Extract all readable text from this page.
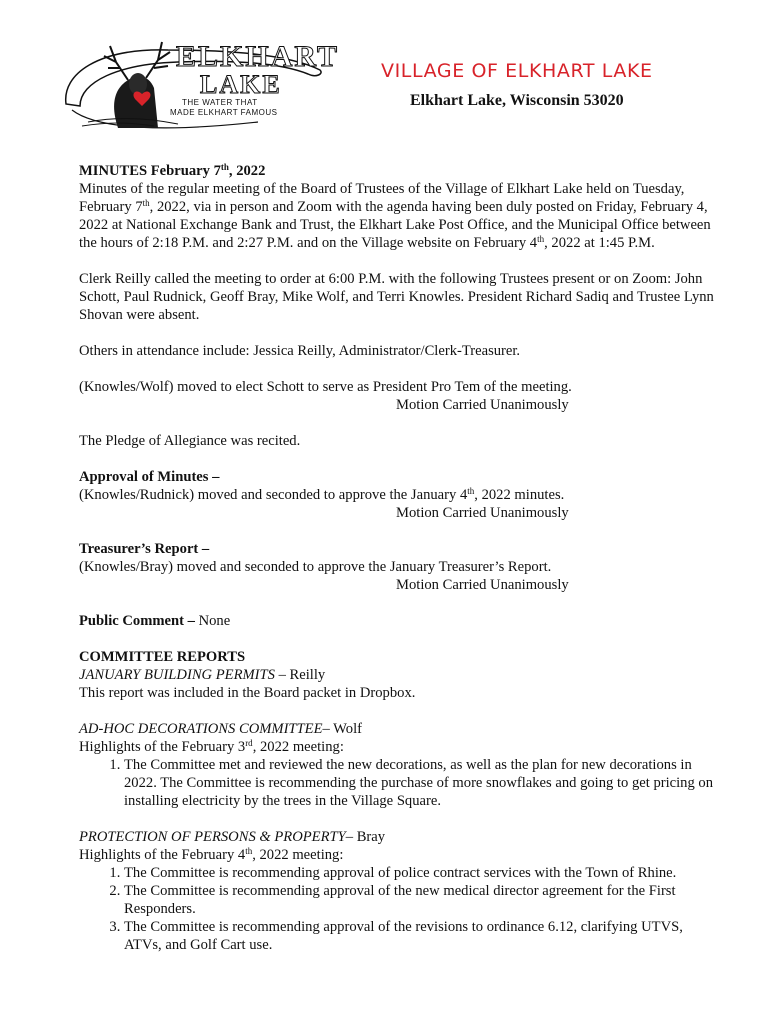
ELKHART
LAKE
THE WATER THAT
MADE ELKHART FAMOUS
VILLAGE OF ELKHART LAKE
Elkhart Lake, Wisconsin 53020

MINUTES February 7th, 2022

Minutes of the regular meeting of the Board of Trustees of the Village of Elkhart Lake held on Tuesday, February 7th, 2022, via in person and Zoom with the agenda having been duly posted on Friday, February 4, 2022 at National Exchange Bank and Trust, the Elkhart Lake Post Office, and the Municipal Office between the hours of 2:18 P.M. and 2:27 P.M. and on the Village website on February 4th, 2022 at 1:45 P.M.

Clerk Reilly called the meeting to order at 6:00 P.M. with the following Trustees present or on Zoom: John Schott, Paul Rudnick, Geoff Bray, Mike Wolf, and Terri Knowles. President Richard Sadiq and Trustee Lynn Shovan were absent.

Others in attendance include: Jessica Reilly, Administrator/Clerk-Treasurer.

(Knowles/Wolf) moved to elect Schott to serve as President Pro Tem of the meeting.

Motion Carried Unanimously

The Pledge of Allegiance was recited.

Approval of Minutes –

(Knowles/Rudnick) moved and seconded to approve the January 4th, 2022 minutes.

Motion Carried Unanimously

Treasurer’s Report –

(Knowles/Bray) moved and seconded to approve the January Treasurer’s Report.

Motion Carried Unanimously

Public Comment – None

COMMITTEE REPORTS

JANUARY BUILDING PERMITS – Reilly

This report was included in the Board packet in Dropbox.

AD-HOC DECORATIONS COMMITTEE– Wolf

Highlights of the February 3rd, 2022 meeting:

1. The Committee met and reviewed the new decorations, as well as the plan for new decorations in 2022. The Committee is recommending the purchase of more snowflakes and going to get pricing on installing electricity by the trees in the Village Square.

PROTECTION OF PERSONS & PROPERTY– Bray

Highlights of the February 4th, 2022 meeting:

1. The Committee is recommending approval of police contract services with the Town of Rhine.
2. The Committee is recommending approval of the new medical director agreement for the First Responders.
3. The Committee is recommending approval of the revisions to ordinance 6.12, clarifying UTVS, ATVs, and Golf Cart use.
